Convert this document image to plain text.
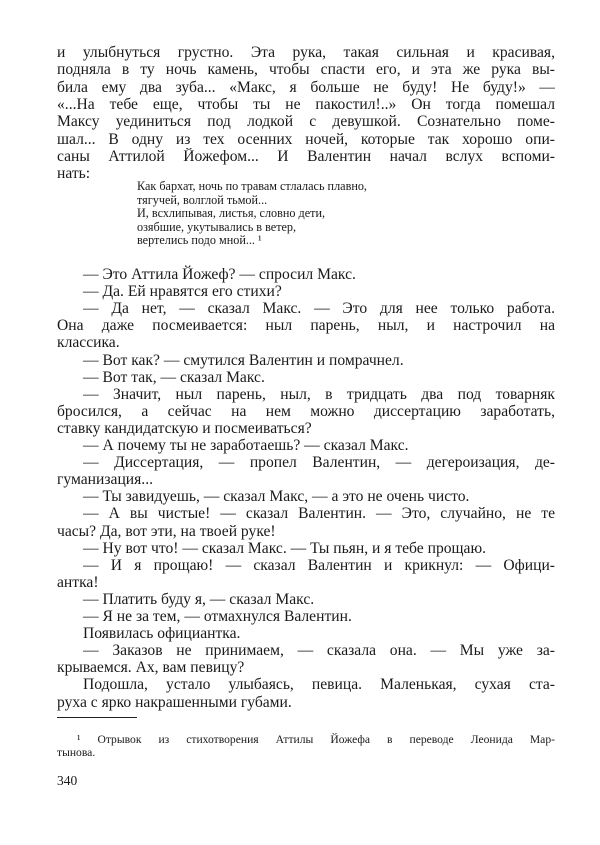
и улыбнуться грустно. Эта рука, такая сильная и красивая,
подняла в ту ночь камень, чтобы спасти его, и эта же рука вы-
била ему два зуба... «Макс, я больше не буду! Не буду!» —
«...На тебе еще, чтобы ты не пакостил!..» Он тогда помешал
Максу уединиться под лодкой с девушкой. Сознательно поме-
шал... В одну из тех осенних ночей, которые так хорошо опи-
саны Аттилой Йожефом... И Валентин начал вслух вспоми-
нать:
Как бархат, ночь по травам стлалась плавно,
тягучей, волглой тьмой...
И, всхлипывая, листья, словно дети,
озябшие, укутывались в ветер,
вертелись подо мной... ¹
— Это Аттила Йожеф? — спросил Макс.
— Да. Ей нравятся его стихи?
— Да нет, — сказал Макс. — Это для нее только работа.
Она даже посмеивается: ныл парень, ныл, и настрочил на
классика.
— Вот как? — смутился Валентин и помрачнел.
— Вот так, — сказал Макс.
— Значит, ныл парень, ныл, в тридцать два под товарняк
бросился, а сейчас на нем можно диссертацию заработать,
ставку кандидатскую и посмеиваться?
— А почему ты не заработаешь? — сказал Макс.
— Диссертация, — пропел Валентин, — дегероизация, де-
гуманизация...
— Ты завидуешь, — сказал Макс, — а это не очень чисто.
— А вы чистые! — сказал Валентин. — Это, случайно, не те
часы? Да, вот эти, на твоей руке!
— Ну вот что! — сказал Макс. — Ты пьян, и я тебе прощаю.
— И я прощаю! — сказал Валентин и крикнул: — Офици-
антка!
— Платить буду я, — сказал Макс.
— Я не за тем, — отмахнулся Валентин.
Появилась официантка.
— Заказов не принимаем, — сказала она. — Мы уже за-
крываемся. Ах, вам певицу?
Подошла, устало улыбаясь, певица. Маленькая, сухая ста-
руха с ярко накрашенными губами.
¹ Отрывок из стихотворения Аттилы Йожефа в переводе Леонида Мар-
тынова.
340
